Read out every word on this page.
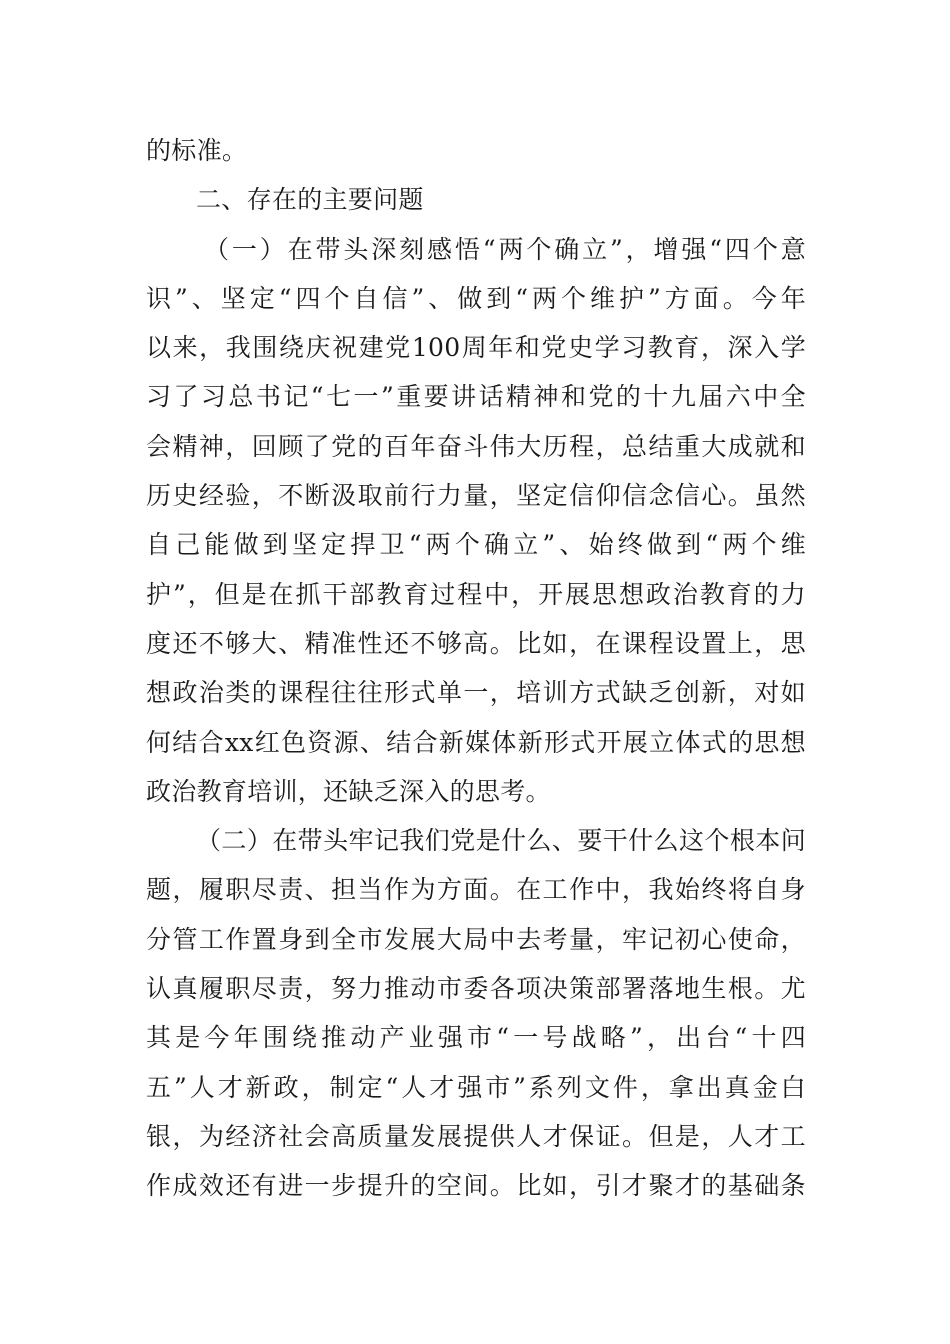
的标准。
二、存在的主要问题
（一）在带头深刻感悟“两个确立”，增强“四个意
识”、坚定“四个自信”、做到“两个维护”方面。今年
以来，我围绕庆祝建党100周年和党史学习教育，深入学
习了习总书记“七一”重要讲话精神和党的十九届六中全
会精神，回顾了党的百年奋斗伟大历程，总结重大成就和
历史经验，不断汲取前行力量，坚定信仰信念信心。虽然
自己能做到坚定捍卫“两个确立”、始终做到“两个维
护”，但是在抓干部教育过程中，开展思想政治教育的力
度还不够大、精准性还不够高。比如，在课程设置上，思
想政治类的课程往往形式单一，培训方式缺乏创新，对如
何结合xx红色资源、结合新媒体新形式开展立体式的思想
政治教育培训，还缺乏深入的思考。
（二）在带头牢记我们党是什么、要干什么这个根本问
题，履职尽责、担当作为方面。在工作中，我始终将自身
分管工作置身到全市发展大局中去考量，牢记初心使命，
认真履职尽责，努力推动市委各项决策部署落地生根。尤
其是今年围绕推动产业强市“一号战略”，出台“十四
五”人才新政，制定“人才强市”系列文件，拿出真金白
银，为经济社会高质量发展提供人才保证。但是，人才工
作成效还有进一步提升的空间。比如，引才聚才的基础条
